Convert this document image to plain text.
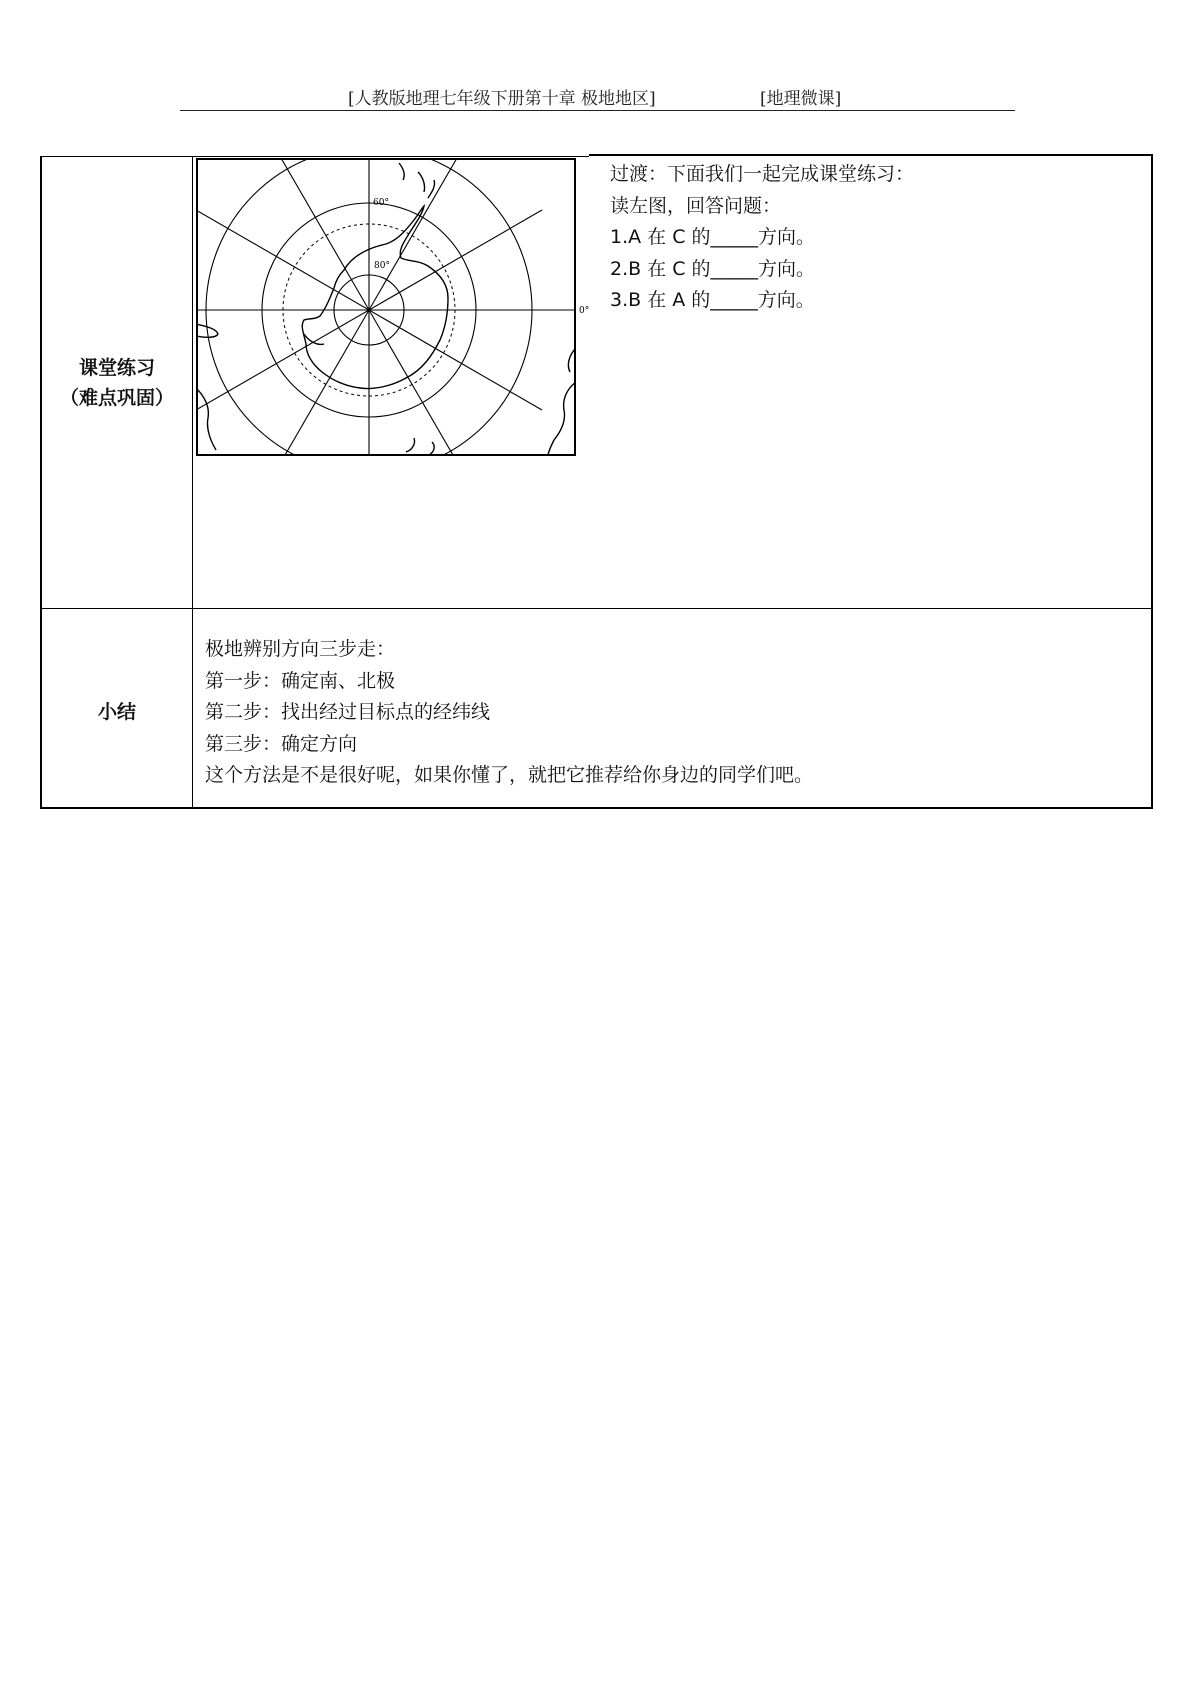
[人教版地理七年级下册第十章 极地地区]	[地理微课]
课堂练习
（难点巩固）
60°
80°
0°
过渡：下面我们一起完成课堂练习：
读左图，回答问题：
1.A 在 C 的_____方向。
2.B 在 C 的_____方向。
3.B 在 A 的_____方向。
小结
极地辨别方向三步走：
第一步：确定南、北极
第二步：找出经过目标点的经纬线
第三步：确定方向
这个方法是不是很好呢，如果你懂了，就把它推荐给你身边的同学们吧。
